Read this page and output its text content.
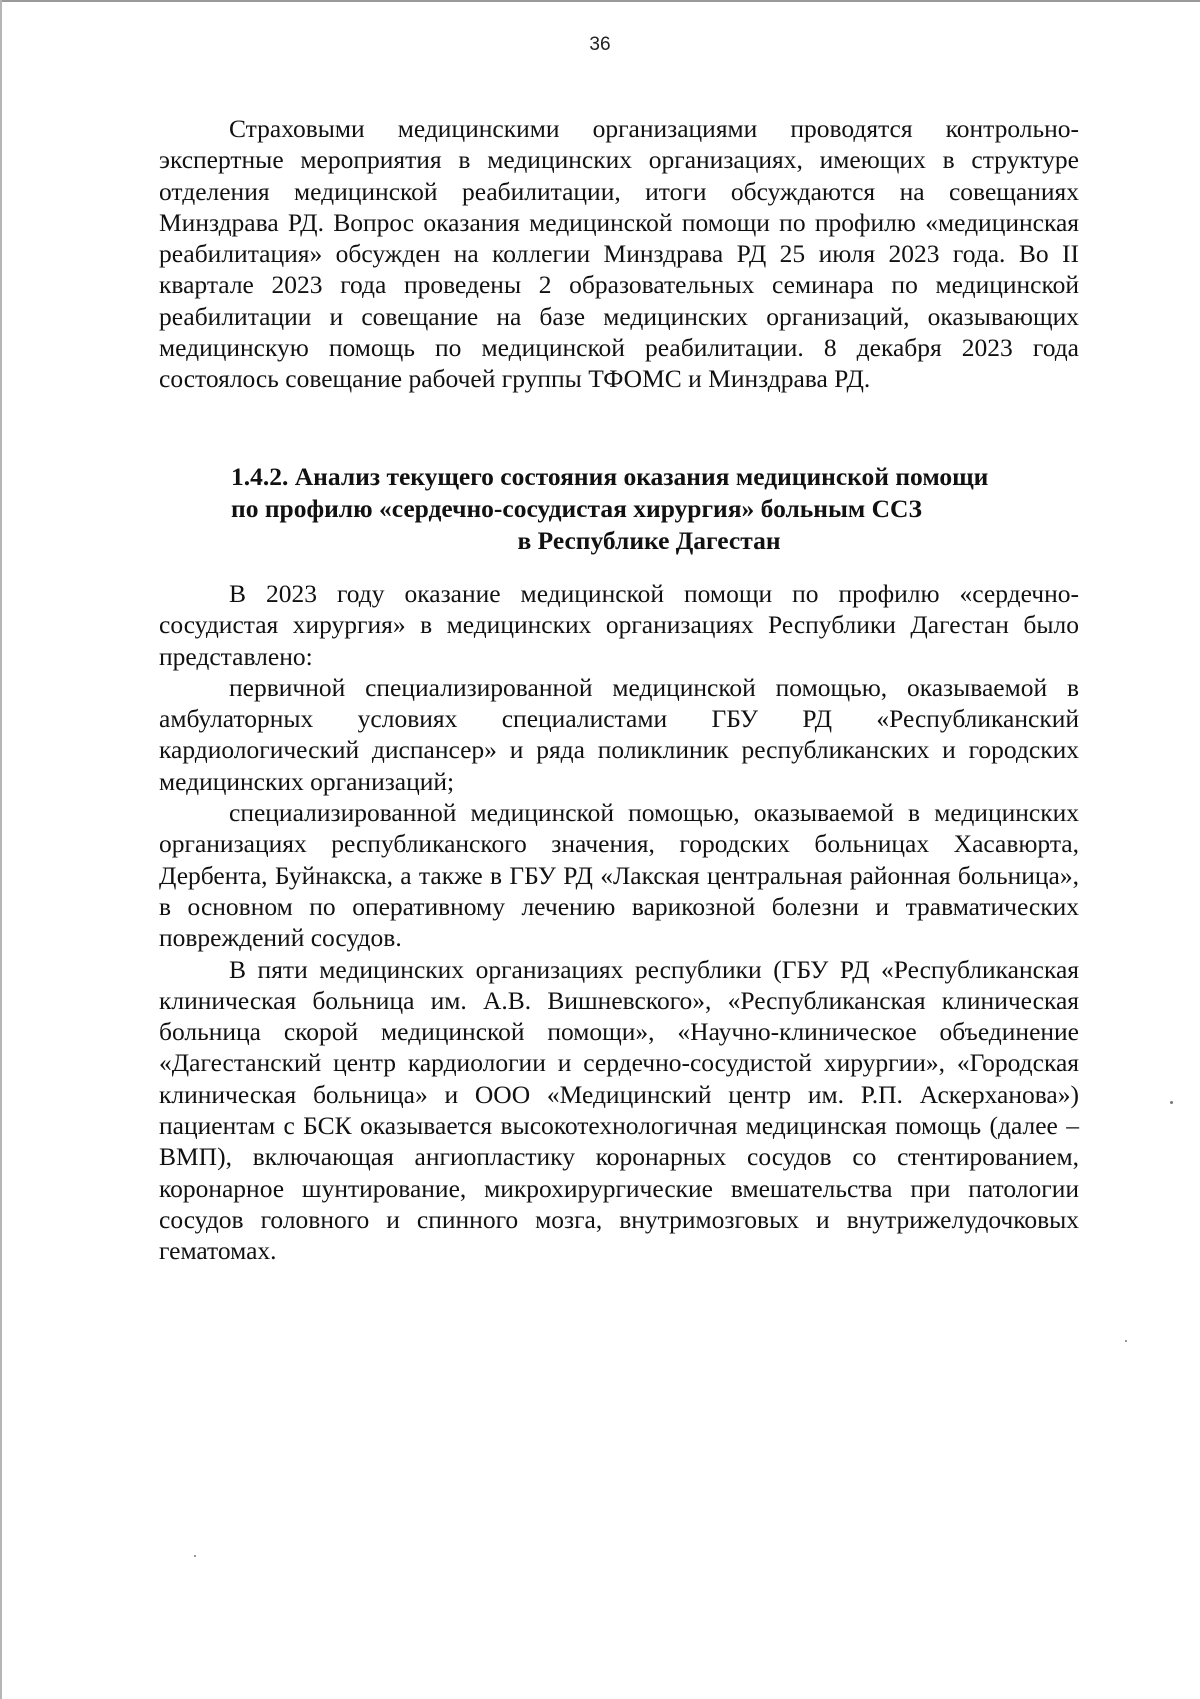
36

Страховыми медицинскими организациями проводятся контрольно-экспертные мероприятия в медицинских организациях, имеющих в структуре отделения медицинской реабилитации, итоги обсуждаются на совещаниях Минздрава РД. Вопрос оказания медицинской помощи по профилю «медицинская реабилитация» обсужден на коллегии Минздрава РД 25 июля 2023 года. Во II квартале 2023 года проведены 2 образовательных семинара по медицинской реабилитации и совещание на базе медицинских организаций, оказывающих медицинскую помощь по медицинской реабилитации. 8 декабря 2023 года состоялось совещание рабочей группы ТФОМС и Минздрава РД.

1.4.2. Анализ текущего состояния оказания медицинской помощи
по профилю «сердечно-сосудистая хирургия» больным ССЗ
в Республике Дагестан

В 2023 году оказание медицинской помощи по профилю «сердечно-сосудистая хирургия» в медицинских организациях Республики Дагестан было представлено:

первичной специализированной медицинской помощью, оказываемой в амбулаторных условиях специалистами ГБУ РД «Республиканский кардиологический диспансер» и ряда поликлиник республиканских и городских медицинских организаций;

специализированной медицинской помощью, оказываемой в медицинских организациях республиканского значения, городских больницах Хасавюрта, Дербента, Буйнакска, а также в ГБУ РД «Лакская центральная районная больница», в основном по оперативному лечению варикозной болезни и травматических повреждений сосудов.

В пяти медицинских организациях республики (ГБУ РД «Республиканская клиническая больница им. А.В. Вишневского», «Республиканская клиническая больница скорой медицинской помощи», «Научно-клиническое объединение «Дагестанский центр кардиологии и сердечно-сосудистой хирургии», «Городская клиническая больница» и ООО «Медицинский центр им. Р.П. Аскерханова») пациентам с БСК оказывается высокотехнологичная медицинская помощь (далее – ВМП), включающая ангиопластику коронарных сосудов со стентированием, коронарное шунтирование, микрохирургические вмешательства при патологии сосудов головного и спинного мозга, внутримозговых и внутрижелудочковых гематомах.
